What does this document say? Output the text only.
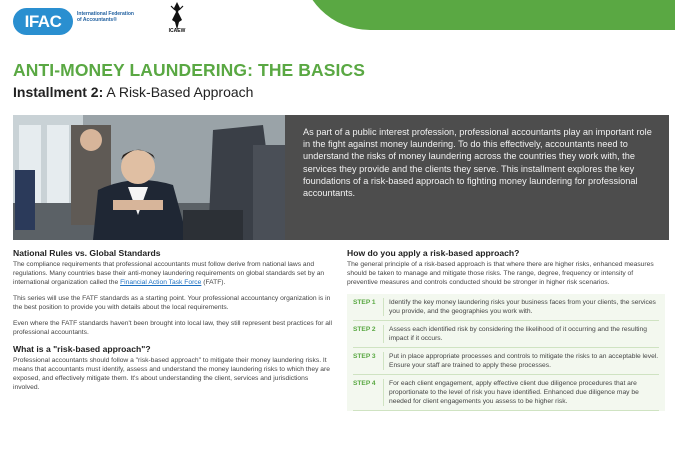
IFAC	International Federation of Accountants®
ICAEW
ANTI-MONEY LAUNDERING: THE BASICS
Installment 2: A Risk-Based Approach
As part of a public interest profession, professional accountants play an important role in the fight against money laundering. To do this effectively, accountants need to understand the risks of money laundering across the countries they work with, the services they provide and the clients they serve. This installment explores the key foundations of a risk-based approach to fighting money laundering for professional accountants.
National Rules vs. Global Standards
The compliance requirements that professional accountants must follow derive from national laws and regulations. Many countries base their anti-money laundering requirements on global standards set by an international organization called the Financial Action Task Force (FATF).
This series will use the FATF standards as a starting point. Your professional accountancy organization is in the best position to provide you with details about the local requirements.
Even where the FATF standards haven't been brought into local law, they still represent best practices for all professional accountants.
What is a "risk-based approach"?
Professional accountants should follow a "risk-based approach" to mitigate their money laundering risks. It means that accountants must identify, assess and understand the money laundering risks to which they are exposed, and effectively mitigate them. It's about understanding the client, services and jurisdictions involved.
How do you apply a risk-based approach?
The general principle of a risk-based approach is that where there are higher risks, enhanced measures should be taken to manage and mitigate those risks. The range, degree, frequency or intensity of preventive measures and controls conducted should be stronger in higher risk scenarios.
STEP 1	Identify the key money laundering risks your business faces from your clients, the services you provide, and the geographies you work with.
STEP 2	Assess each identified risk by considering the likelihood of it occurring and the resulting impact if it occurs.
STEP 3	Put in place appropriate processes and controls to mitigate the risks to an acceptable level. Ensure your staff are trained to apply these processes.
STEP 4	For each client engagement, apply effective client due diligence procedures that are proportionate to the level of risk you have identified. Enhanced due diligence may be needed for client engagements you assess to be higher risk.
